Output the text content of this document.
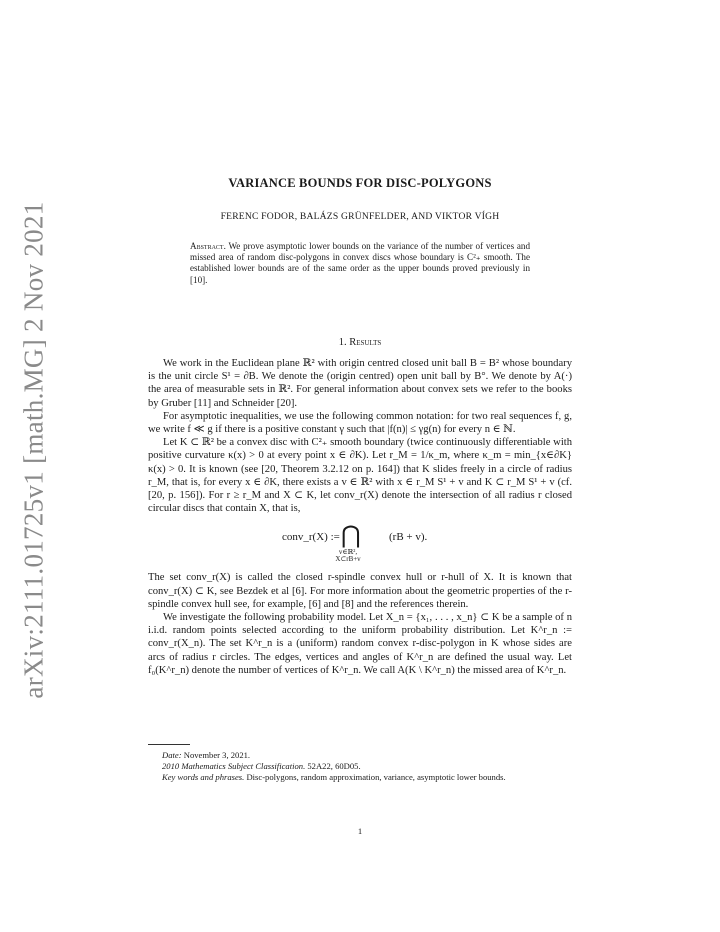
arXiv:2111.01725v1 [math.MG] 2 Nov 2021
VARIANCE BOUNDS FOR DISC-POLYGONS
FERENC FODOR, BALÁZS GRÜNFELDER, AND VIKTOR VÍGH
Abstract. We prove asymptotic lower bounds on the variance of the number of vertices and missed area of random disc-polygons in convex discs whose boundary is C²₊ smooth. The established lower bounds are of the same order as the upper bounds proved previously in [10].
1. Results

We work in the Euclidean plane ℝ² with origin centred closed unit ball B = B² whose boundary is the unit circle S¹ = ∂B. We denote the (origin centred) open unit ball by B°. We denote by A(·) the area of measurable sets in ℝ². For general information about convex sets we refer to the books by Gruber [11] and Schneider [20].

For asymptotic inequalities, we use the following common notation: for two real sequences f, g, we write f ≪ g if there is a positive constant γ such that |f(n)| ≤ γg(n) for every n ∈ ℕ.

Let K ⊂ ℝ² be a convex disc with C²₊ smooth boundary (twice continuously differentiable with positive curvature κ(x) > 0 at every point x ∈ ∂K). Let r_M = 1/κ_m, where κ_m = min_{x∈∂K} κ(x) > 0. It is known (see [20, Theorem 3.2.12 on p. 164]) that K slides freely in a circle of radius r_M, that is, for every x ∈ ∂K, there exists a v ∈ ℝ² with x ∈ r_M S¹ + v and K ⊂ r_M S¹ + v (cf. [20, p. 156]). For r ≥ r_M and X ⊂ K, let conv_r(X) denote the intersection of all radius r closed circular discs that contain X, that is,

conv_r(X) := ⋂
v∈ℝ²,
X⊂rB+v
(rB + v).

The set conv_r(X) is called the closed r-spindle convex hull or r-hull of X. It is known that conv_r(X) ⊂ K, see Bezdek et al [6]. For more information about the geometric properties of the r-spindle convex hull see, for example, [6] and [8] and the references therein.

We investigate the following probability model. Let X_n = {x₁, . . . , x_n} ⊂ K be a sample of n i.i.d. random points selected according to the uniform probability distribution. Let K^r_n := conv_r(X_n). The set K^r_n is a (uniform) random convex r-disc-polygon in K whose sides are arcs of radius r circles. The edges, vertices and angles of K^r_n are defined the usual way. Let f₀(K^r_n) denote the number of vertices of K^r_n. We call A(K \ K^r_n) the missed area of K^r_n.

Date: November 3, 2021.

2010 Mathematics Subject Classification. 52A22, 60D05.

Key words and phrases. Disc-polygons, random approximation, variance, asymptotic lower bounds.

1
